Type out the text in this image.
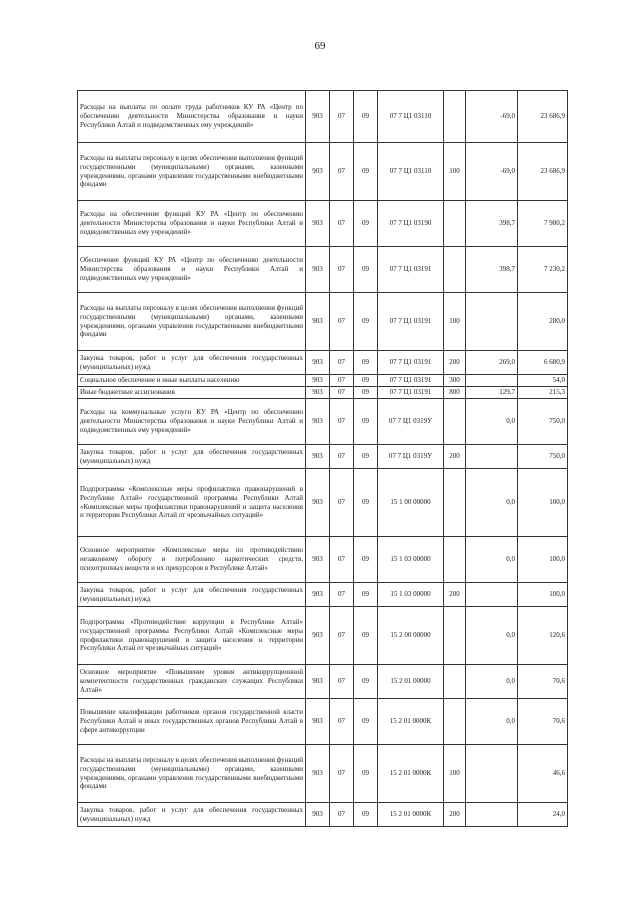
69
Расходы на выплаты по оплате труда работников КУ РА «Центр по обеспечению деятельности Министерства образования и науки Республики Алтай и подведомственных ему учреждений»	903	07	09	07 7 Ц1 03110		-69,0	23 686,9
Расходы на выплаты персоналу в целях обеспечения выполнения функций государственными (муниципальными) органами, казенными учреждениями, органами управления государственными внебюджетными фондами	903	07	09	07 7 Ц1 03110	100	-69,0	23 686,9
Расходы на обеспечение функций КУ РА «Центр по обеспечению деятельности Министерства образования и науки Республики Алтай и подведомственных ему учреждений»	903	07	09	07 7 Ц1 03190		398,7	7 980,2
Обеспечение функций КУ РА «Центр по обеспечению деятельности Министерства образования и науки Республики Алтай и подведомственных ему учреждений»	903	07	09	07 7 Ц1 03191		398,7	7 230,2
Расходы на выплаты персоналу в целях обеспечения выполнения функций государственными (муниципальными) органами, казенными учреждениями, органами управления государственными внебюджетными фондами	903	07	09	07 7 Ц1 03191	100		280,0
Закупка товаров, работ и услуг для обеспечения государственных (муниципальных) нужд	903	07	09	07 7 Ц1 03191	200	269,0	6 680,9
Социальное обеспечение и иные выплаты населению	903	07	09	07 7 Ц1 03191	300		54,0
Иные бюджетные ассигнования	903	07	09	07 7 Ц1 03191	800	129,7	215,3
Расходы на коммунальные услуги КУ РА «Центр по обеспечению деятельности Министерства образования и науки Республики Алтай и подведомственных ему учреждений»	903	07	09	07 7 Ц1 0319У		0,0	750,0
Закупка товаров, работ и услуг для обеспечения государственных (муниципальных) нужд	903	07	09	07 7 Ц1 0319У	200		750,0
Подпрограмма «Комплексные меры профилактики правонарушений в Республике Алтай» государственной программы Республики Алтай «Комплексные меры профилактики правонарушений и защита населения и территории Республики Алтай от чрезвычайных ситуаций»	903	07	09	15 1 00 00000		0,0	100,0
Основное мероприятие «Комплексные меры по противодействию незаконному обороту и потреблению наркотических средств, психотропных веществ и их прекурсоров в Республике Алтай»	903	07	09	15 1 03 00000		0,0	100,0
Закупка товаров, работ и услуг для обеспечения государственных (муниципальных) нужд	903	07	09	15 1 03 00000	200		100,0
Подпрограмма «Противодействие коррупции в Республике Алтай» государственной программы Республики Алтай «Комплексные меры профилактики правонарушений и защита населения и территории Республики Алтай от чрезвычайных ситуаций»	903	07	09	15 2 00 00000		0,0	120,6
Основное мероприятие «Повышение уровня антикоррупционной компетентности государственных гражданских служащих Республики Алтай»	903	07	09	15 2 01 00000		0,0	70,6
Повышение квалификации работников органов государственной власти Республики Алтай и иных государственных органов Республики Алтай в сфере антикоррупции	903	07	09	15 2 01 0000К		0,0	70,6
Расходы на выплаты персоналу в целях обеспечения выполнения функций государственными (муниципальными) органами, казенными учреждениями, органами управления государственными внебюджетными фондами	903	07	09	15 2 01 0000К	100		46,6
Закупка товаров, работ и услуг для обеспечения государственных (муниципальных) нужд	903	07	09	15 2 01 0000К	200		24,0
